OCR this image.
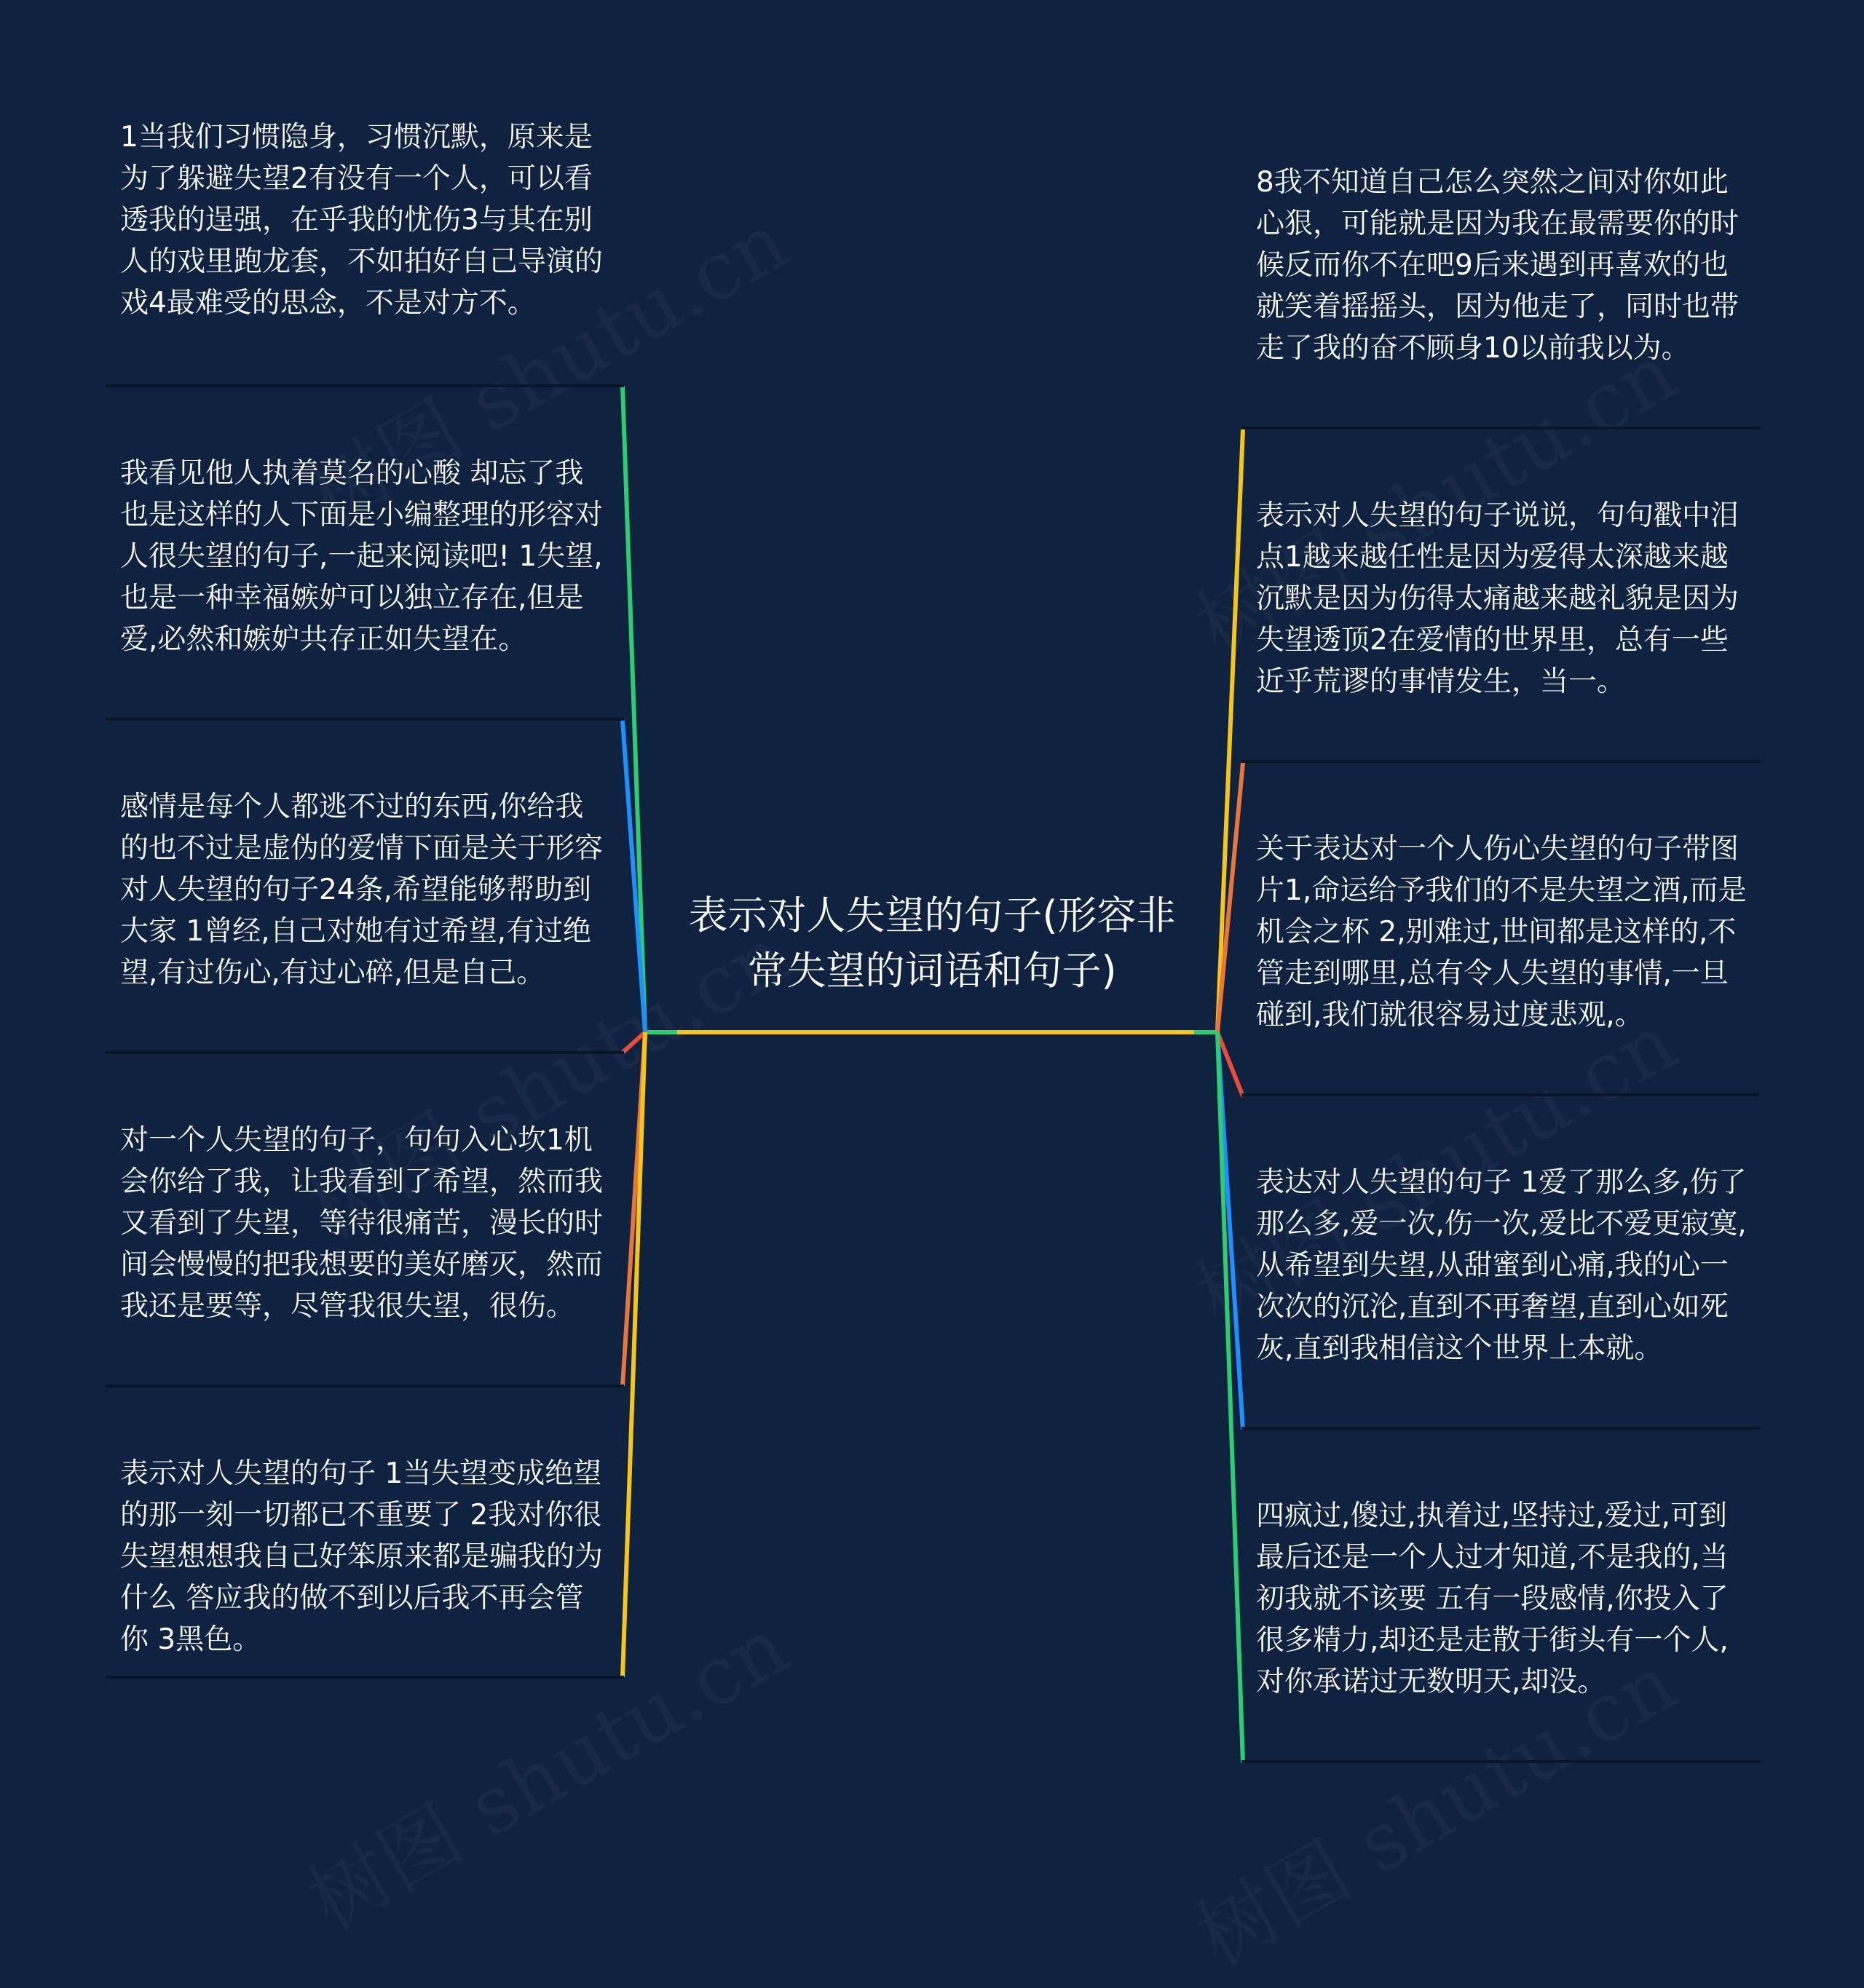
表示对人失望的句子(形容非常失望的词语和句子)
1当我们习惯隐身，习惯沉默，原来是为了躲避失望2有没有一个人，可以看透我的逞强，在乎我的忧伤3与其在别人的戏里跑龙套，不如拍好自己导演的戏4最难受的思念，不是对方不。
我看见他人执着莫名的心酸 却忘了我也是这样的人下面是小编整理的形容对人很失望的句子,一起来阅读吧! 1失望,也是一种幸福嫉妒可以独立存在,但是爱,必然和嫉妒共存正如失望在。
感情是每个人都逃不过的东西,你给我的也不过是虚伪的爱情下面是关于形容对人失望的句子24条,希望能够帮助到大家 1曾经,自己对她有过希望,有过绝望,有过伤心,有过心碎,但是自己。
对一个人失望的句子，句句入心坎1机会你给了我，让我看到了希望，然而我又看到了失望，等待很痛苦，漫长的时间会慢慢的把我想要的美好磨灭，然而我还是要等，尽管我很失望，很伤。
表示对人失望的句子 1当失望变成绝望的那一刻一切都已不重要了 2我对你很失望想想我自己好笨原来都是骗我的为什么 答应我的做不到以后我不再会管你 3黑色。
8我不知道自己怎么突然之间对你如此心狠，可能就是因为我在最需要你的时候反而你不在吧9后来遇到再喜欢的也就笑着摇摇头，因为他走了，同时也带走了我的奋不顾身10以前我以为。
表示对人失望的句子说说，句句戳中泪点1越来越任性是因为爱得太深越来越沉默是因为伤得太痛越来越礼貌是因为失望透顶2在爱情的世界里，总有一些近乎荒谬的事情发生，当一。
关于表达对一个人伤心失望的句子带图片1,命运给予我们的不是失望之酒,而是机会之杯 2,别难过,世间都是这样的,不管走到哪里,总有令人失望的事情,一旦碰到,我们就很容易过度悲观,。
表达对人失望的句子 1爱了那么多,伤了那么多,爱一次,伤一次,爱比不爱更寂寞,从希望到失望,从甜蜜到心痛,我的心一次次的沉沦,直到不再奢望,直到心如死灰,直到我相信这个世界上本就。
四疯过,傻过,执着过,坚持过,爱过,可到最后还是一个人过才知道,不是我的,当初我就不该要 五有一段感情,你投入了很多精力,却还是走散于街头有一个人,对你承诺过无数明天,却没。
